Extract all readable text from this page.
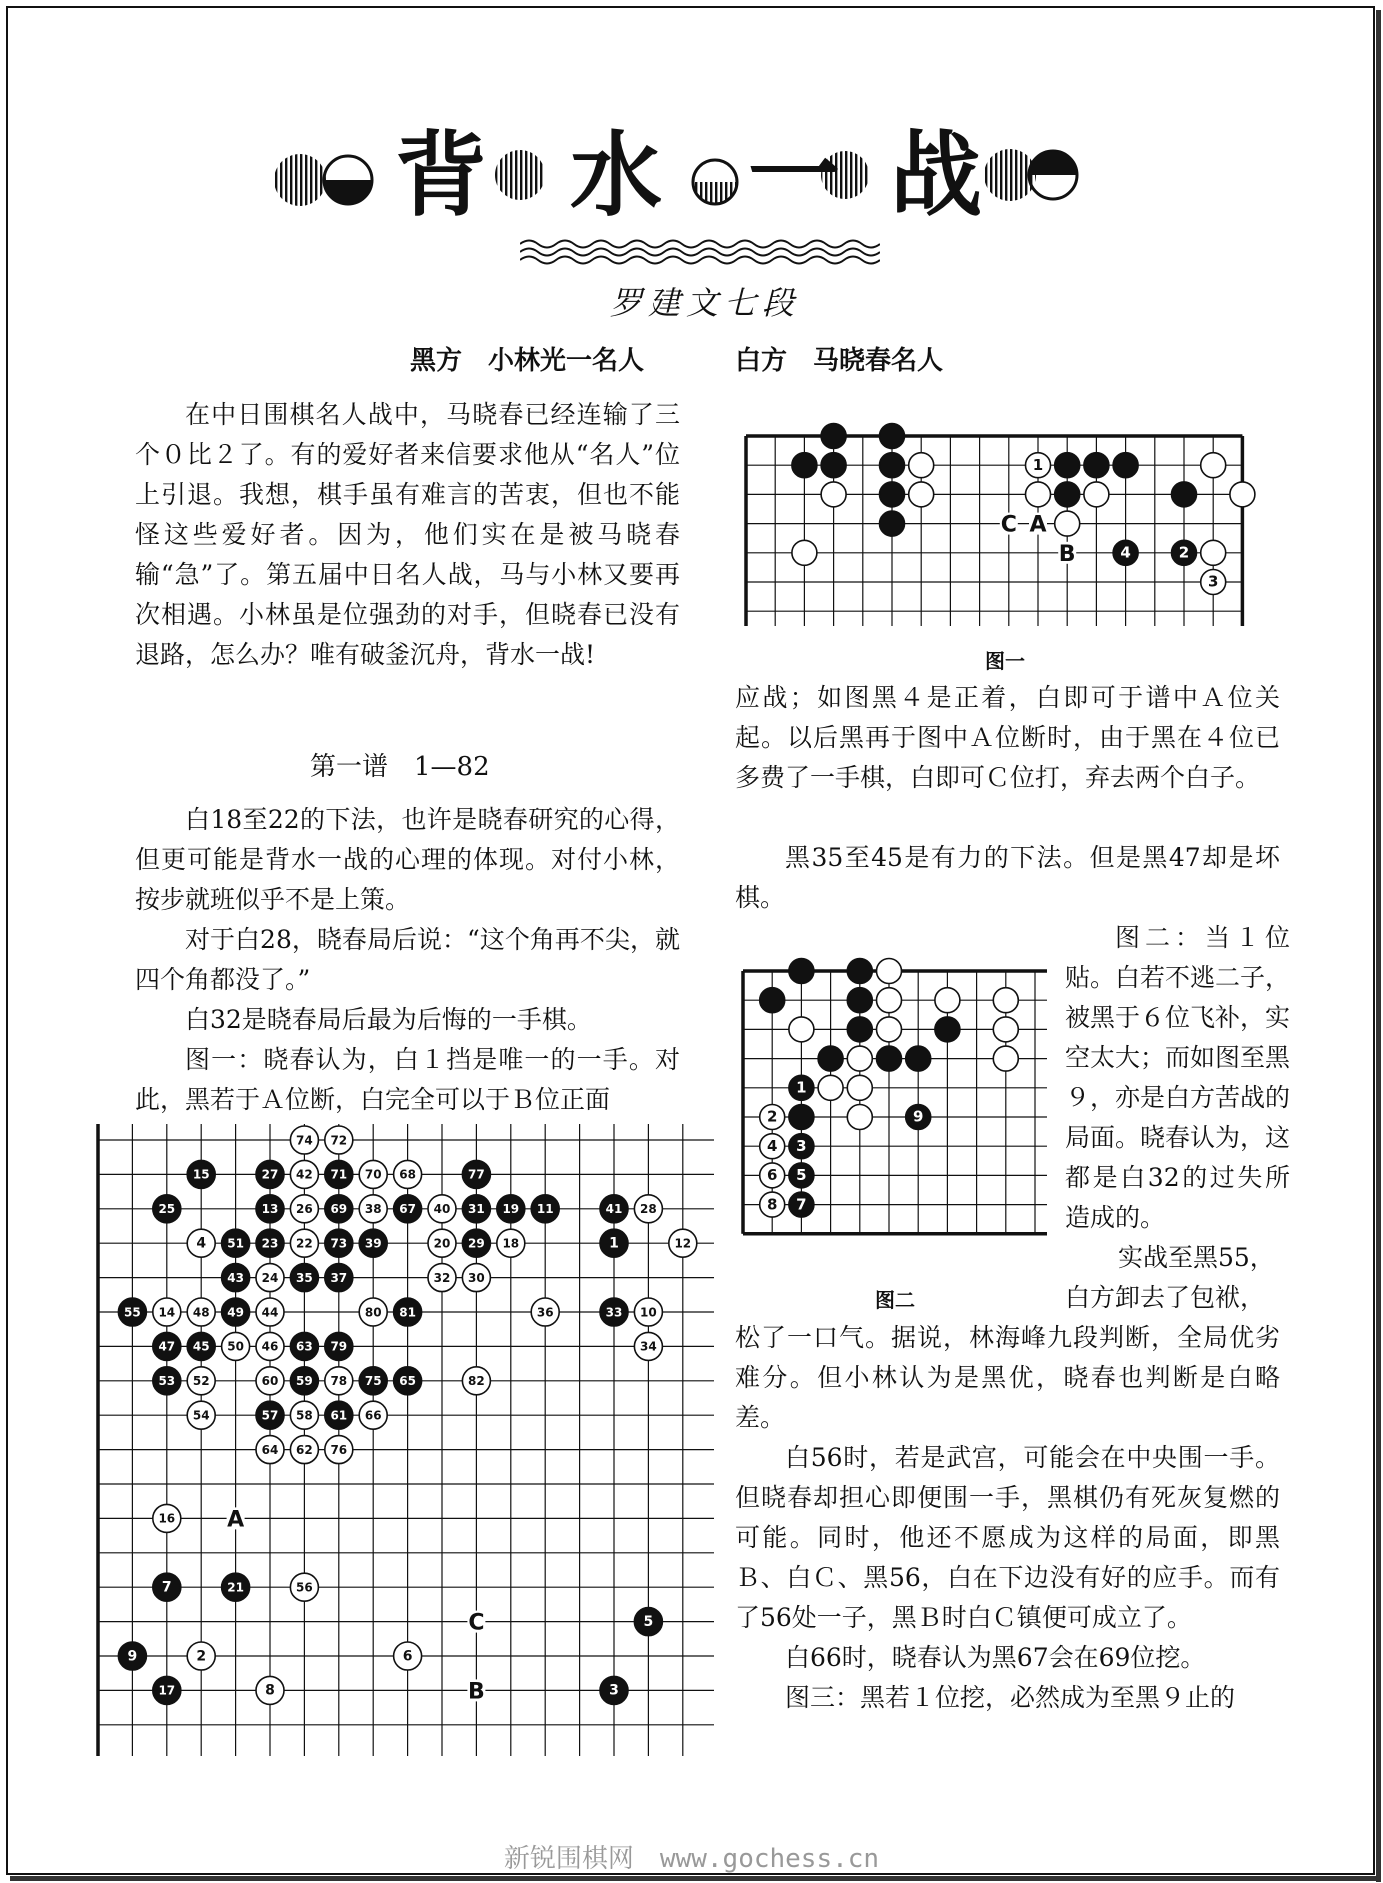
背 水 一 战
罗建文七段
黑方　小林光一名人	白方　马晓春名人
在中日围棋名人战中，马晓春已经连输了三个０比２了。有的爱好者来信要求他从“名人”位上引退。我想，棋手虽有难言的苦衷，但也不能怪这些爱好者。因为，他们实在是被马晓春输“急”了。第五届中日名人战，马与小林又要再次相遇。小林虽是位强劲的对手，但晓春已没有退路，怎么办？唯有破釜沉舟，背水一战!
第一谱　1—82
白18至22的下法，也许是晓春研究的心得，但更可能是背水一战的心理的体现。对付小林，按步就班似乎不是上策。
对于白28，晓春局后说：“这个角再不尖，就四个角都没了。”
白32是晓春局后最为后悔的一手棋。
图一：晓春认为，白１挡是唯一的一手。对此，黑若于Ａ位断，白完全可以于Ｂ位正面
1
4	2
3
C A
B
图一
应战；如图黑４是正着，白即可于谱中Ａ位关起。以后黑再于图中Ａ位断时，由于黑在４位已多费了一手棋，白即可Ｃ位打，弃去两个白子。
黑35至45是有力的下法。但是黑47却是坏棋。
1
2	9
4 3
6 5
8 7
图二：当１位贴。白若不逃二子，被黑于６位飞补，实空太大；而如图至黑９，亦是白方苦战的局面。晓春认为，这都是白32的过失所造成的。
实战至黑55，
图二	白方卸去了包袱，
松了一口气。据说，林海峰九段判断，全局优劣难分。但小林认为是黑优，晓春也判断是白略差。
白56时，若是武宫，可能会在中央围一手。但晓春却担心即便围一手，黑棋仍有死灰复燃的可能。同时，他还不愿成为这样的局面，即黑Ｂ、白Ｃ、黑56，白在下边没有好的应手。而有了56处一子，黑Ｂ时白Ｃ镇便可成立了。
白66时，晓春认为黑67会在69位挖。
图三：黑若１位挖，必然成为至黑９止的
74 72
15	27 42 71 70 68	77
25	13 26 69 38 67 40 31 19 11	41 28
4 51 23 22 73 39	20 29 18	1	12
43 24 35 37	32 30
55 14 48 49 44	80 81	36	33 10
47 45 50 46 63 79	34
53 52	60 59 78 75 65	82
54	57 58 61 66
64 62 76
16
7	21	56
5
9	2	6
17	8	3
A
C
B
新锐围棋网　www.gochess.cn
